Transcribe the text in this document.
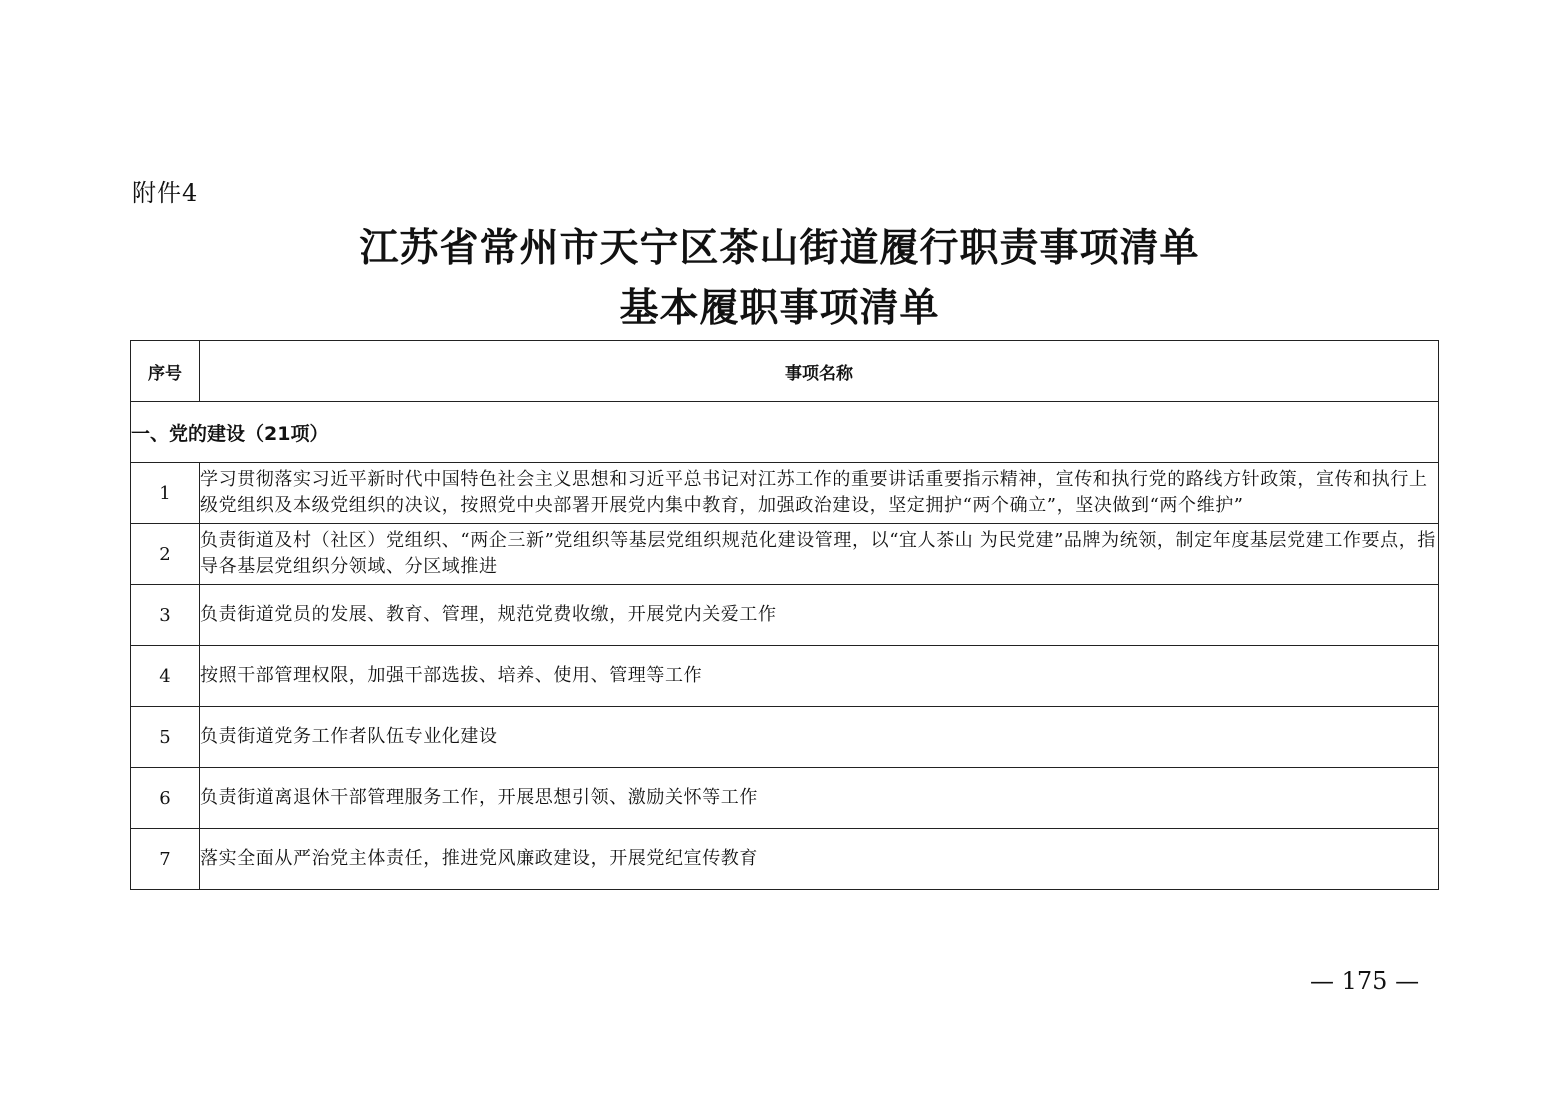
附件4
江苏省常州市天宁区茶山街道履行职责事项清单
基本履职事项清单
序号	事项名称
一、党的建设（21项）	
1	学习贯彻落实习近平新时代中国特色社会主义思想和习近平总书记对江苏工作的重要讲话重要指示精神，宣传和执行党的路线方针政策，宣传和执行上级党组织及本级党组织的决议，按照党中央部署开展党内集中教育，加强政治建设，坚定拥护“两个确立”，坚决做到“两个维护”
2	负责街道及村（社区）党组织、“两企三新”党组织等基层党组织规范化建设管理，以“宜人茶山 为民党建”品牌为统领，制定年度基层党建工作要点，指导各基层党组织分领域、分区域推进
3	负责街道党员的发展、教育、管理，规范党费收缴，开展党内关爱工作
4	按照干部管理权限，加强干部选拔、培养、使用、管理等工作
5	负责街道党务工作者队伍专业化建设
6	负责街道离退休干部管理服务工作，开展思想引领、激励关怀等工作
7	落实全面从严治党主体责任，推进党风廉政建设，开展党纪宣传教育
— 175 —
